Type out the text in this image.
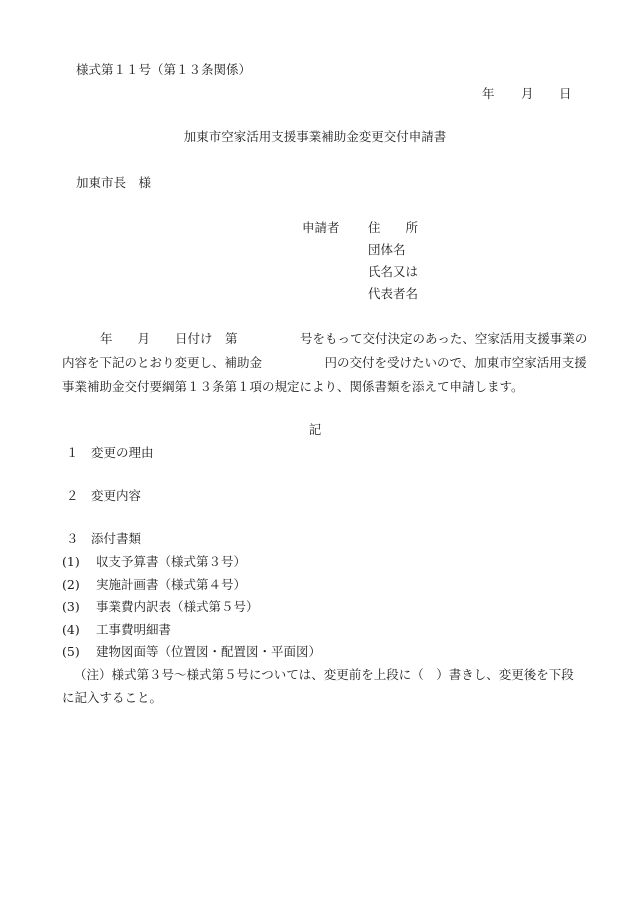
様式第１１号（第１３条関係）
年 月 日
加東市空家活用支援事業補助金変更交付申請書
加東市長　様
申請者 住　　所
団体名
氏名又は
代表者名

年　　月　　日付け　第　　　　　号をもって交付決定のあった、空家活用支援事業の

内容を下記のとおり変更し、補助金　　　　　円の交付を受けたいので、加東市空家活用支援

事業補助金交付要綱第１３条第１項の規定により、関係書類を添えて申請します。

記
１　変更の理由
２　変更内容
３　添付書類
(1) 収支予算書（様式第３号）
(2) 実施計画書（様式第４号）
(3) 事業費内訳表（様式第５号）
(4) 工事費明細書
(5) 建物図面等（位置図・配置図・平面図）

（注）様式第３号～様式第５号については、変更前を上段に（　）書きし、変更後を下段

に記入すること。
